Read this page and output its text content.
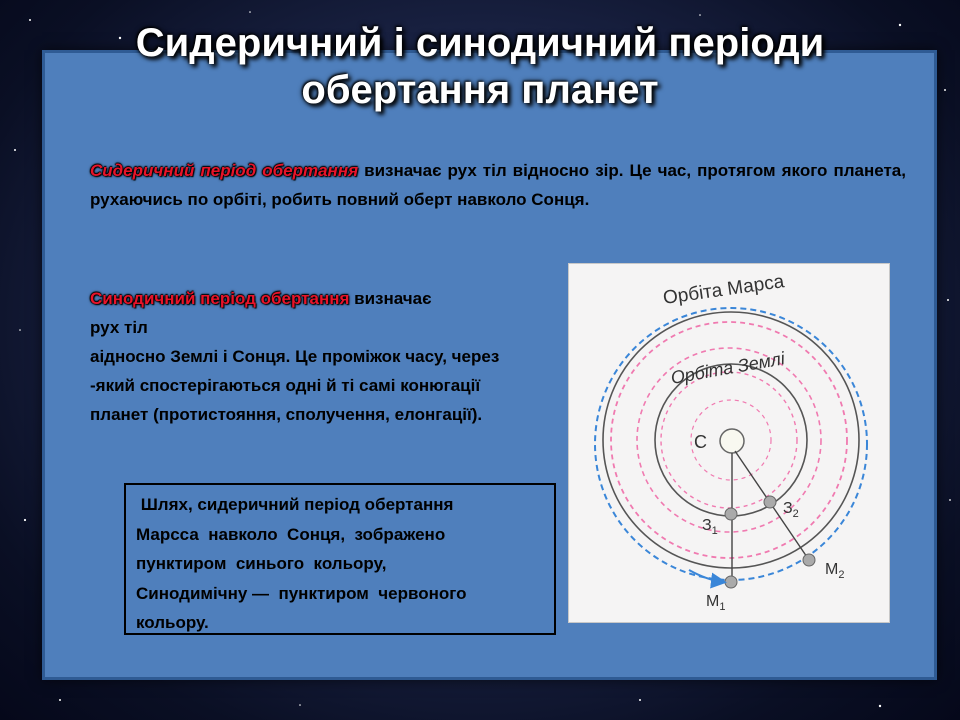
Сидеричний і синодичний періоди
обертання планет
Сидеричний період обертання визначає рух тіл відносно зір. Це час, протягом якого планета, рухаючись по орбіті, робить повний оберт навколо Сонця.
Синодичний період обертання визначає
рух тіл
аідносно Землі і Сонця. Це проміжок часу, через -який спостерігаються одні й ті самі конюгації планет (протистояння, сполучення, елонгації).
Шлях, сидеричний період обертання
Марсса  навколо  Сонця,  зображено
пунктиром  синього  кольору,
Синодимічну —  пунктиром  червоного
кольору.
Орбіта Марса
Орбіта Землі
С
$З_1$
$З_2$
$М_1$
$М_2$
